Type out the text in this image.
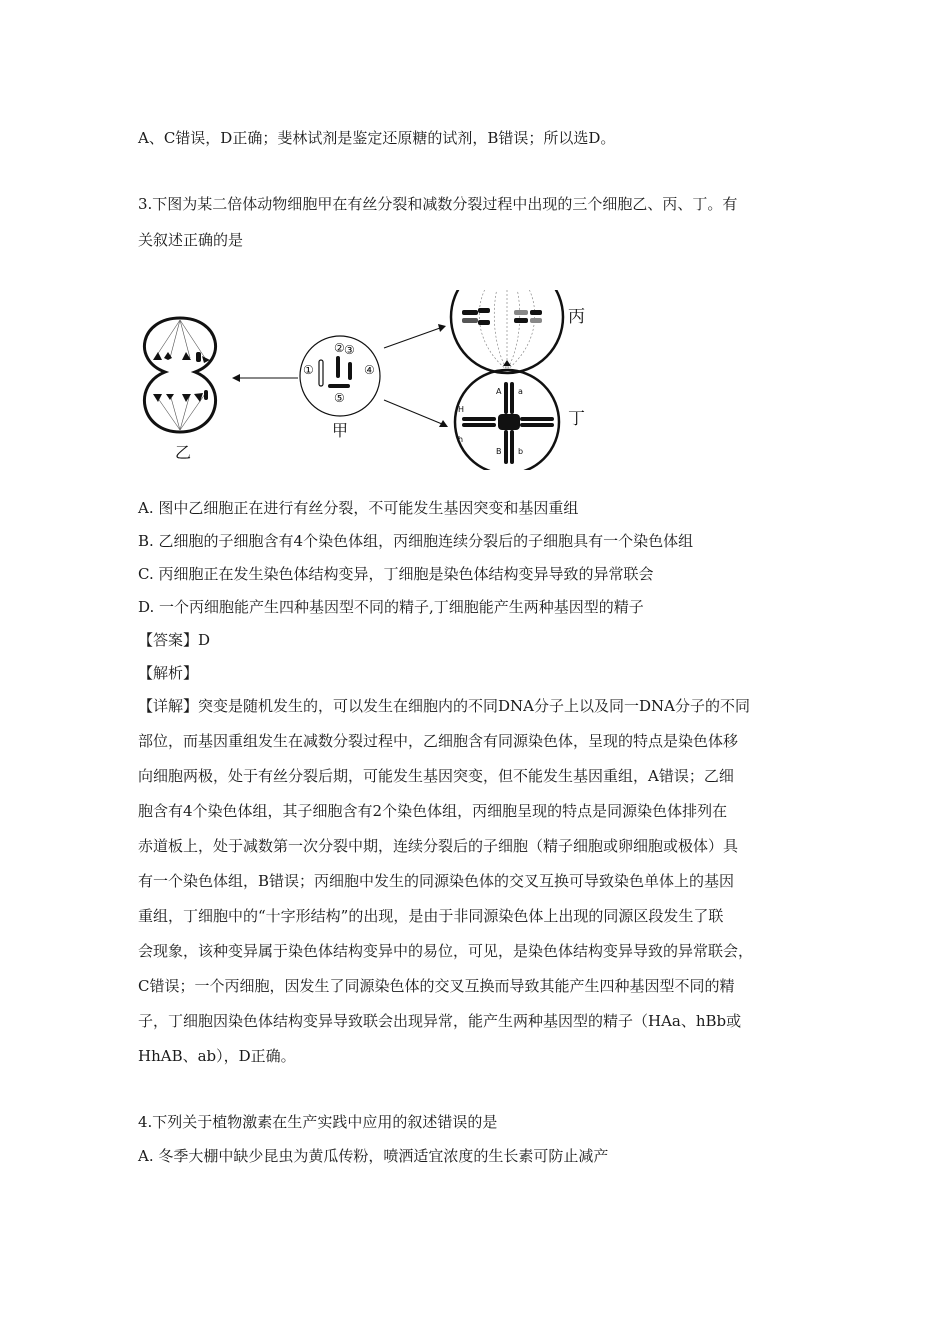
A、C错误，D正确；斐林试剂是鉴定还原糖的试剂，B错误；所以选D。
3.下图为某二倍体动物细胞甲在有丝分裂和减数分裂过程中出现的三个细胞乙、丙、丁。有
关叙述正确的是
乙
①
② ③
④
⑤
甲
丙
H
h
A a
B b
丁
A. 图中乙细胞正在进行有丝分裂，不可能发生基因突变和基因重组
B. 乙细胞的子细胞含有4个染色体组，丙细胞连续分裂后的子细胞具有一个染色体组
C. 丙细胞正在发生染色体结构变异，丁细胞是染色体结构变异导致的异常联会
D. 一个丙细胞能产生四种基因型不同的精子,丁细胞能产生两种基因型的精子
【答案】D
【解析】
【详解】突变是随机发生的，可以发生在细胞内的不同DNA分子上以及同一DNA分子的不同
部位，而基因重组发生在减数分裂过程中，乙细胞含有同源染色体，呈现的特点是染色体移
向细胞两极，处于有丝分裂后期，可能发生基因突变，但不能发生基因重组，A错误；乙细
胞含有4个染色体组，其子细胞含有2个染色体组，丙细胞呈现的特点是同源染色体排列在
赤道板上，处于减数第一次分裂中期，连续分裂后的子细胞（精子细胞或卵细胞或极体）具
有一个染色体组，B错误；丙细胞中发生的同源染色体的交叉互换可导致染色单体上的基因
重组，丁细胞中的“十字形结构”的出现，是由于非同源染色体上出现的同源区段发生了联
会现象，该种变异属于染色体结构变异中的易位，可见，是染色体结构变异导致的异常联会，
C错误；一个丙细胞，因发生了同源染色体的交叉互换而导致其能产生四种基因型不同的精
子，丁细胞因染色体结构变异导致联会出现异常，能产生两种基因型的精子（HAa、hBb或
HhAB、ab），D正确。
4.下列关于植物激素在生产实践中应用的叙述错误的是
A. 冬季大棚中缺少昆虫为黄瓜传粉，喷洒适宜浓度的生长素可防止减产
